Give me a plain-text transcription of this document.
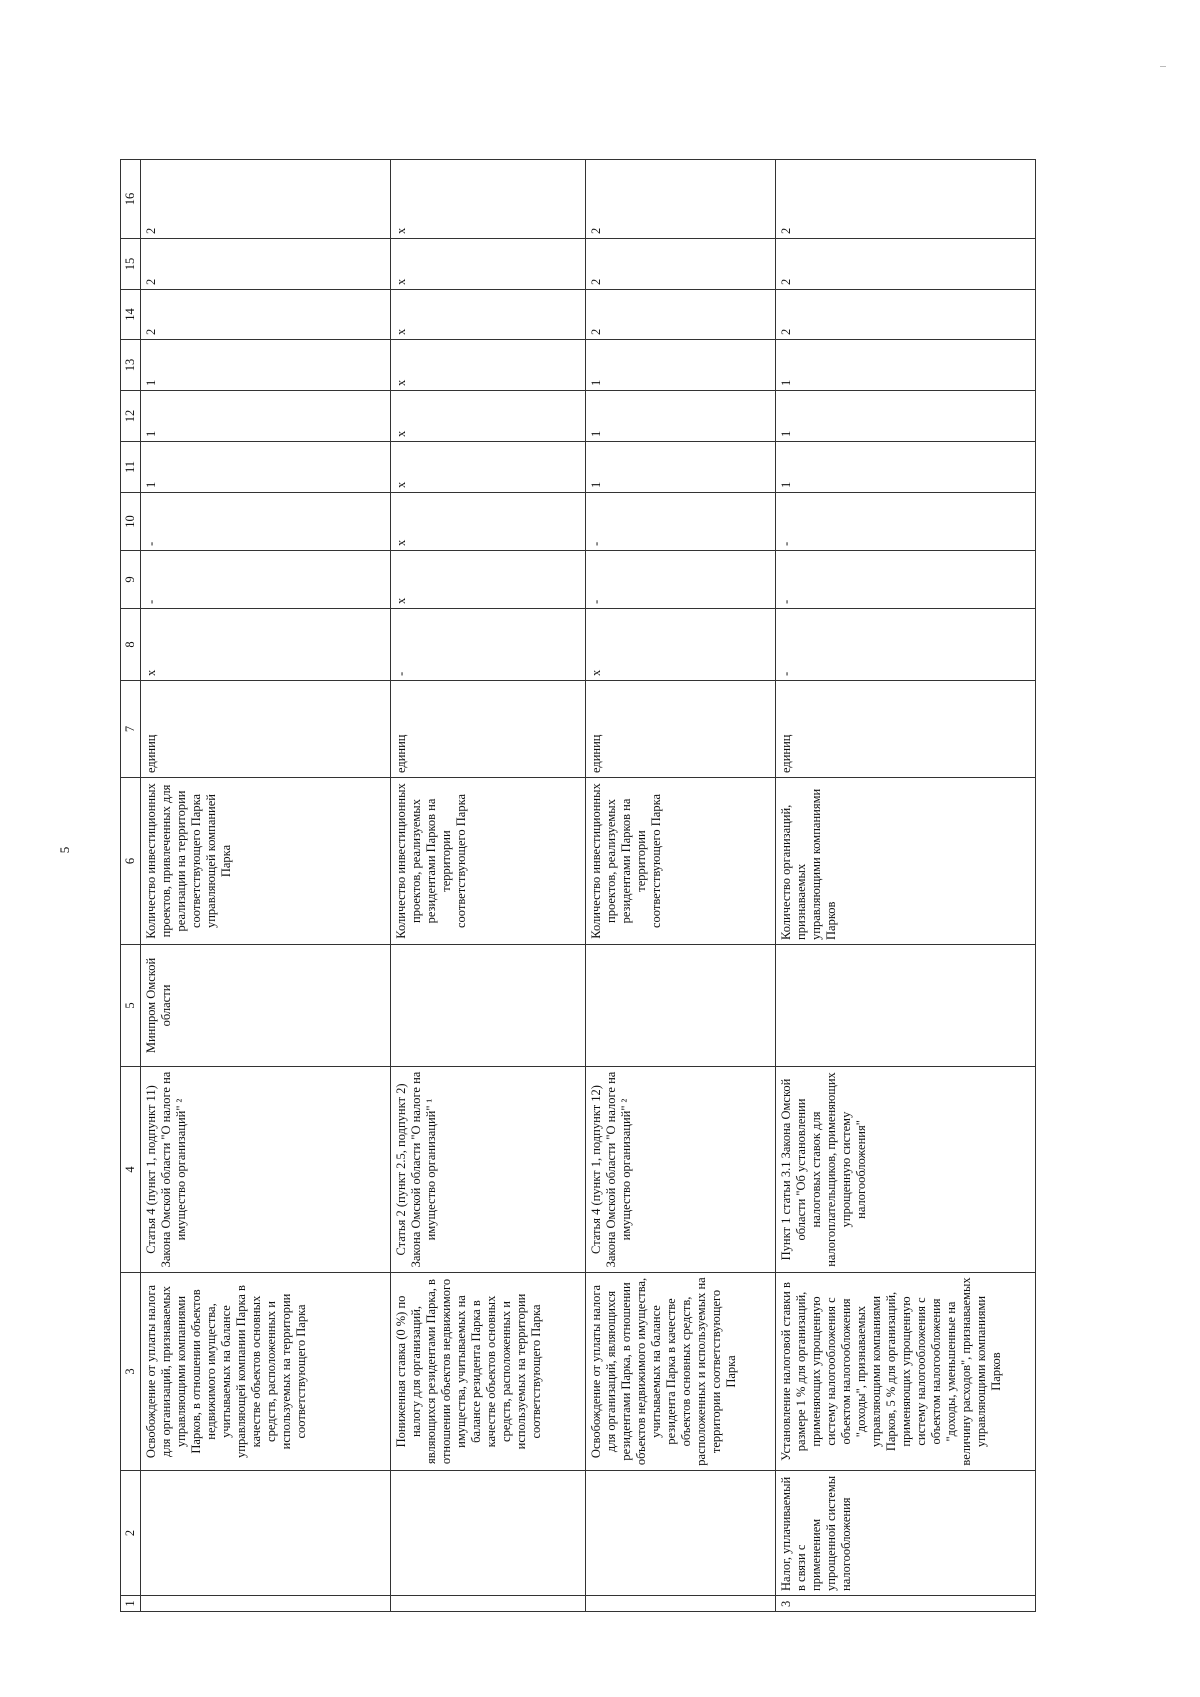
5
1	2	3	4	5	6	7	8	9	10	11	12	13	14	15	16
		Освобождение от уплаты налога для организаций, признаваемых управляющими компаниями Парков, в отношении объектов недвижимого имущества, учитываемых на балансе управляющей компании Парка в качестве объектов основных средств, расположенных и используемых на территории соответствующего Парка	Статья 4 (пункт 1, подпункт 11) Закона Омской области "О налоге на имущество организаций" ²	Минпром Омской области	Количество инвестиционных проектов, привлеченных для реализации на территории соответствующего Парка управляющей компанией Парка	единиц	x	-	-	1	1	1	2	2	2
		Пониженная ставка (0 %) по налогу для организаций, являющихся резидентами Парка, в отношении объектов недвижимого имущества, учитываемых на балансе резидента Парка в качестве объектов основных средств, расположенных и используемых на территории соответствующего Парка	Статья 2 (пункт 2.5, подпункт 2) Закона Омской области "О налоге на имущество организаций" ¹		Количество инвестиционных проектов, реализуемых резидентами Парков на территории соответствующего Парка	единиц	-	x	x	x	x	x	x	x	x
		Освобождение от уплаты налога для организаций, являющихся резидентами Парка, в отношении объектов недвижимого имущества, учитываемых на балансе резидента Парка в качестве объектов основных средств, расположенных и используемых на территории соответствующего Парка	Статья 4 (пункт 1, подпункт 12) Закона Омской области "О налоге на имущество организаций" ²		Количество инвестиционных проектов, реализуемых резидентами Парков на территории соответствующего Парка	единиц	x	-	-	1	1	1	2	2	2
3	Налог, уплачиваемый в связи с применением упрощенной системы налогообложения	Установление налоговой ставки в размере 1 % для организаций, применяющих упрощенную систему налогообложения с объектом налогообложения "доходы", признаваемых управляющими компаниями Парков, 5 % для организаций, применяющих упрощенную систему налогообложения с объектом налогообложения "доходы, уменьшенные на величину расходов", признаваемых управляющими компаниями Парков	Пункт 1 статьи 3.1 Закона Омской области "Об установлении налоговых ставок для налогоплательщиков, применяющих упрощенную систему налогообложения"		Количество организаций, признаваемых управляющими компаниями Парков	единиц	-	-	-	1	1	1	2	2	2
